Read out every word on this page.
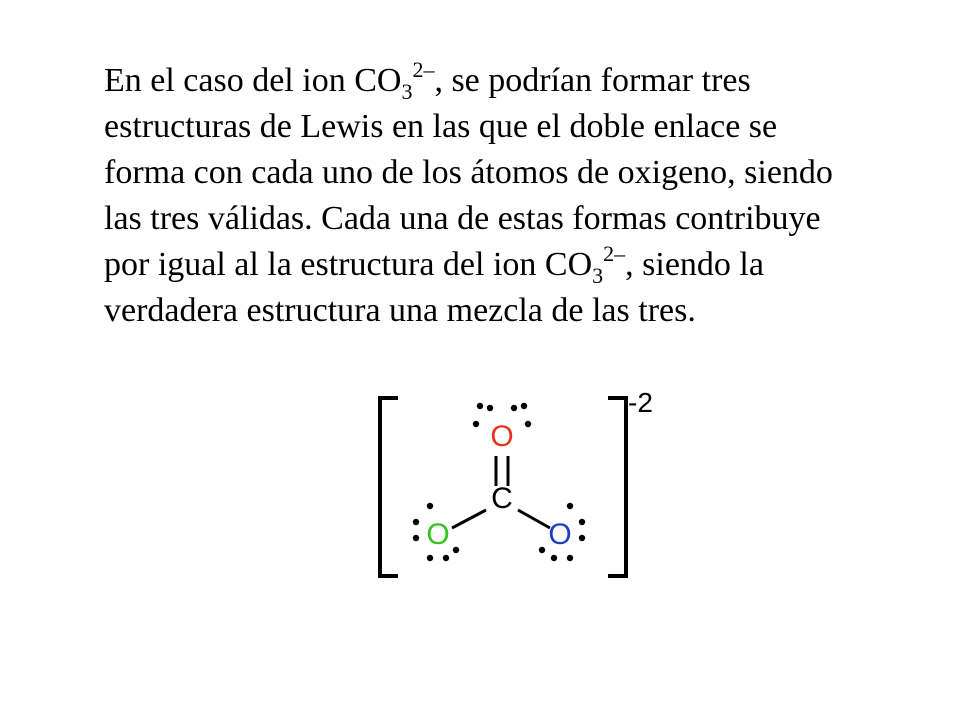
En el caso del ion $CO_3^{2-}$, se podrían formar tres
estructuras de Lewis en las que el doble enlace se
forma con cada uno de los átomos de oxigeno, siendo
las tres válidas. Cada una de estas formas contribuye
por igual al la estructura del ion $CO_3^{2-}$, siendo la
verdadera estructura una mezcla de las tres.

-2
O
C
O	O
